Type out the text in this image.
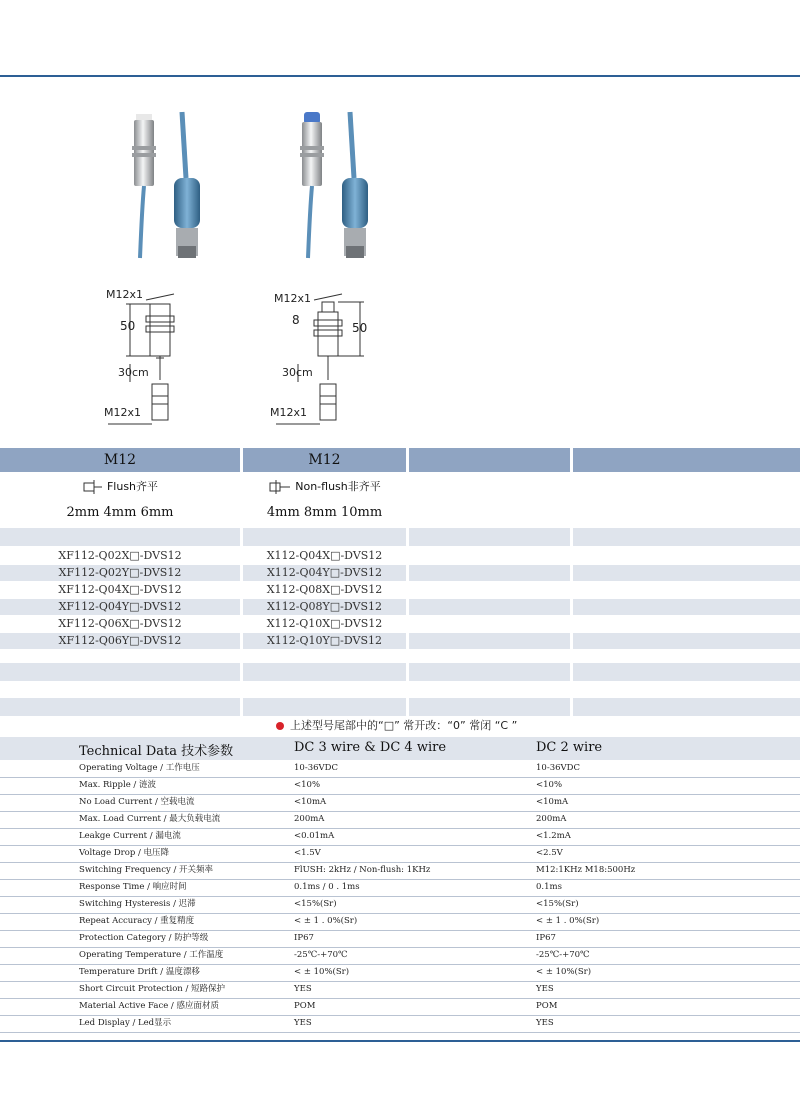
M12x1
50
30cm
M12x1
M12x1
8
50
30cm
M12x1
M12	M12
Flush齐平	Non-flush非齐平
2mm 4mm 6mm	4mm 8mm 10mm
XF112-Q02X□-DVS12	X112-Q04X□-DVS12
XF112-Q02Y□-DVS12	X112-Q04Y□-DVS12
XF112-Q04X□-DVS12	X112-Q08X□-DVS12
XF112-Q04Y□-DVS12	X112-Q08Y□-DVS12
XF112-Q06X□-DVS12	X112-Q10X□-DVS12
XF112-Q06Y□-DVS12	X112-Q10Y□-DVS12
上述型号尾部中的“□” 常开改：“0” 常闭 “C ”
Technical Data 技术参数	DC 3 wire & DC 4 wire	DC 2 wire
Operating Voltage / 工作电压	10-36VDC	10-36VDC
Max. Ripple / 涟波	<10%	<10%
No Load Current / 空载电流	<10mA	<10mA
Max. Load Current / 最大负载电流	200mA	200mA
Leakge Current / 漏电流	<0.01mA	<1.2mA
Voltage Drop / 电压降	<1.5V	<2.5V
Switching Frequency / 开关频率	FlUSH: 2kHz / Non-flush: 1KHz	M12:1KHz M18:500Hz
Response Time / 响应时间	0.1ms / 0 . 1ms	0.1ms
Switching Hysteresis / 迟滞	<15%(Sr)	<15%(Sr)
Repeat Accuracy / 重复精度	< ± 1 . 0%(Sr)	< ± 1 . 0%(Sr)
Protection Category / 防护等级	IP67	IP67
Operating Temperature / 工作温度	-25℃-+70℃	-25℃-+70℃
Temperature Drift / 温度漂移	< ± 10%(Sr)	< ± 10%(Sr)
Short Circuit Protection / 短路保护	YES	YES
Material Active Face / 感应面材质	POM	POM
Led Display / Led显示	YES	YES
